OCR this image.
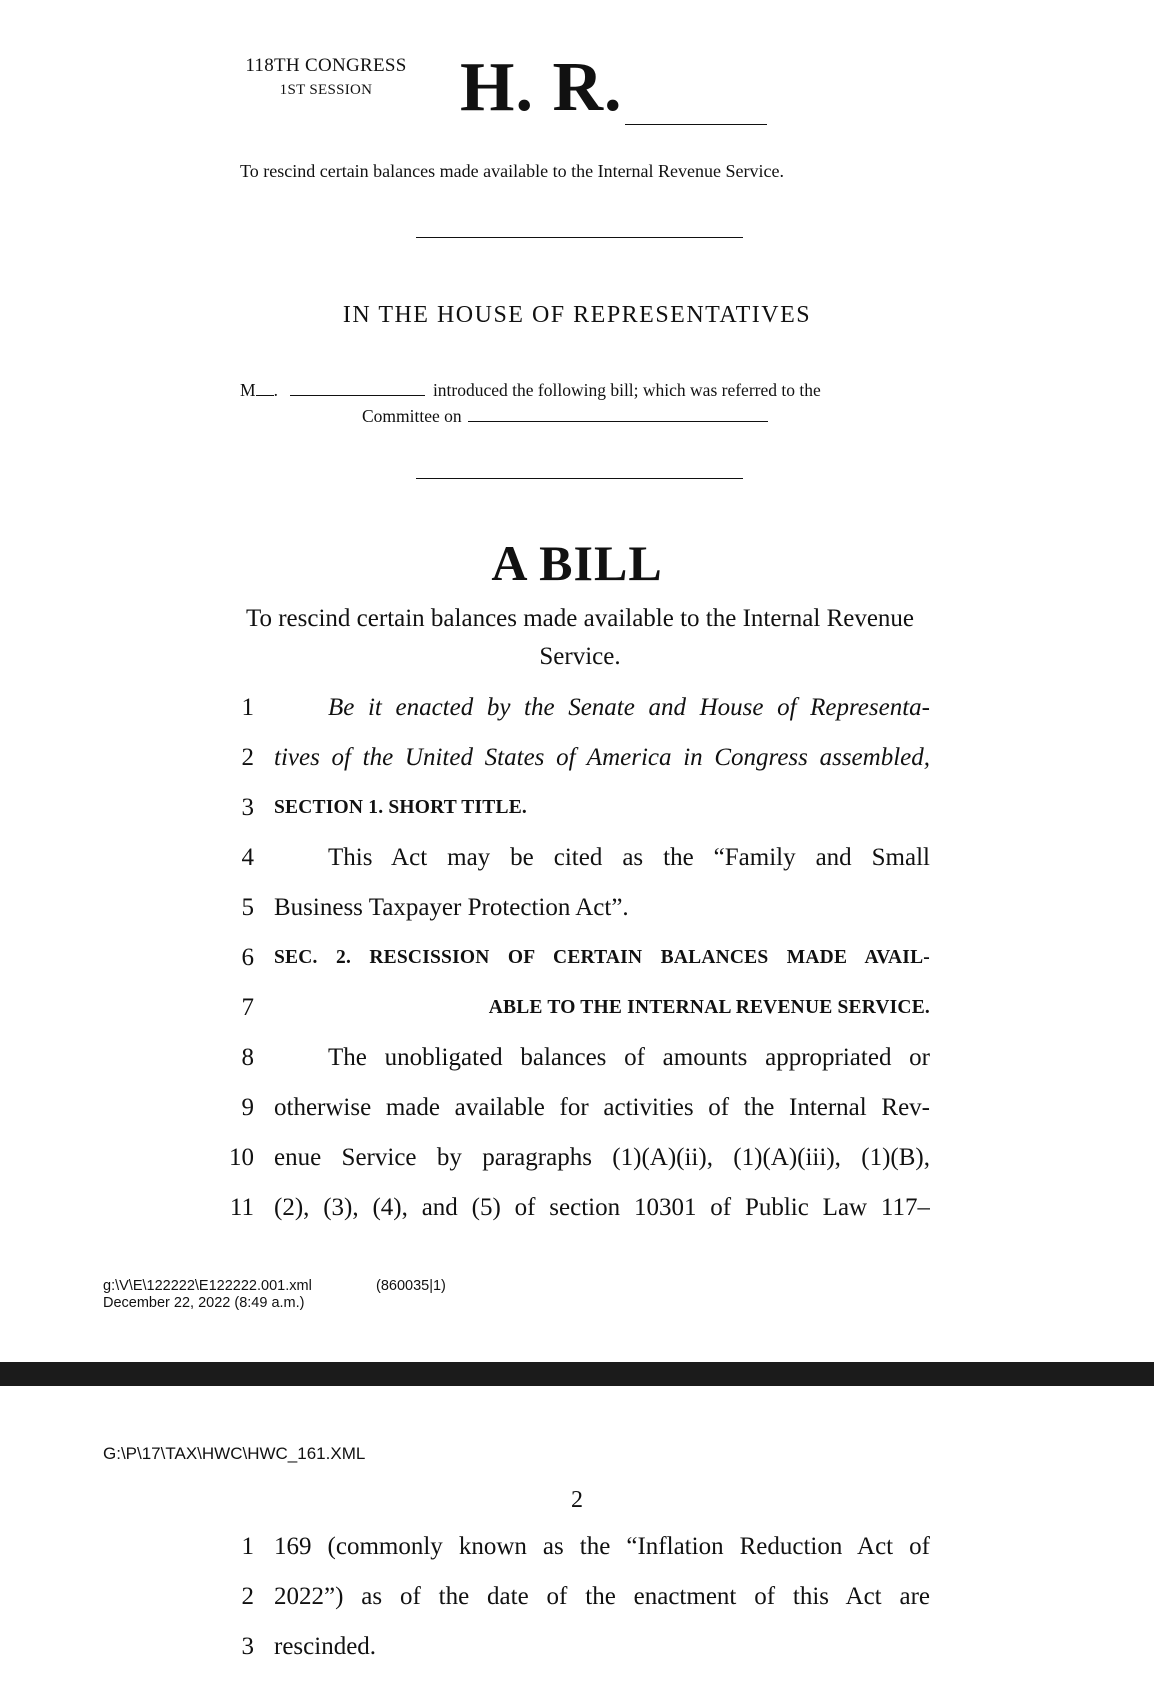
118TH CONGRESS
1ST SESSION	H. R.
To rescind certain balances made available to the Internal Revenue Service.
IN THE HOUSE OF REPRESENTATIVES
M .	introduced the following bill; which was referred to the
Committee on
A BILL
To rescind certain balances made available to the Internal Revenue Service.
1	Be it enacted by the Senate and House of Representa-
2 tives of the United States of America in Congress assembled,
3 SECTION 1. SHORT TITLE.
4	This Act may be cited as the “Family and Small
5 Business Taxpayer Protection Act”.
6 SEC. 2. RESCISSION OF CERTAIN BALANCES MADE AVAIL-
7	ABLE TO THE INTERNAL REVENUE SERVICE.
8	The unobligated balances of amounts appropriated or
9 otherwise made available for activities of the Internal Rev-
10 enue Service by paragraphs (1)(A)(ii), (1)(A)(iii), (1)(B),
11 (2), (3), (4), and (5) of section 10301 of Public Law 117–
g:\V\E\122222\E122222.001.xml	(860035|1)
December 22, 2022 (8:49 a.m.)
G:\P\17\TAX\HWC\HWC_161.XML
2
1 169 (commonly known as the “Inflation Reduction Act of
2 2022”) as of the date of the enactment of this Act are
3 rescinded.
